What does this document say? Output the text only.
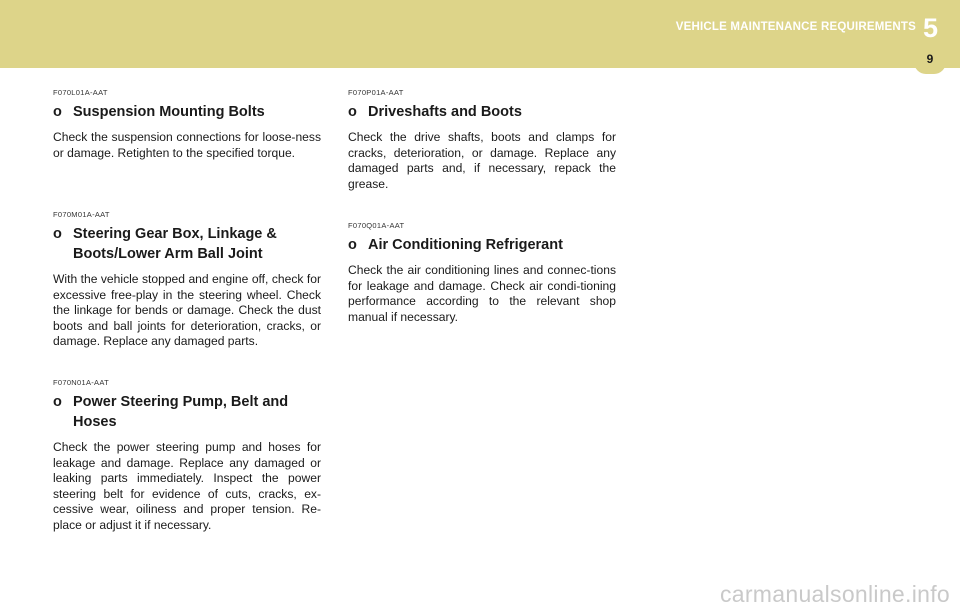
VEHICLE MAINTENANCE REQUIREMENTS 5
9
F070L01A-AAT
o Suspension Mounting Bolts
Check the suspension connections for loose-ness or damage. Retighten to the specified torque.
F070M01A-AAT
o Steering Gear Box, Linkage & Boots/Lower Arm Ball Joint
With the vehicle stopped and engine off, check for excessive free-play in the steering wheel. Check the linkage for bends or damage. Check the dust boots and ball joints for deterioration, cracks, or damage. Replace any damaged parts.
F070N01A-AAT
o Power Steering Pump, Belt and Hoses
Check the power steering pump and hoses for leakage and damage. Replace any damaged or leaking parts immediately. Inspect the power steering belt for evidence of cuts, cracks, ex-cessive wear, oiliness and proper tension. Re-place or adjust it if necessary.
F070P01A-AAT
o Driveshafts and Boots
Check the drive shafts, boots and clamps for cracks, deterioration, or damage. Replace any damaged parts and, if necessary, repack the grease.
F070Q01A-AAT
o Air Conditioning Refrigerant
Check the air conditioning lines and connec-tions for leakage and damage. Check air condi-tioning performance according to the relevant shop manual if necessary.
carmanualsonline.info
